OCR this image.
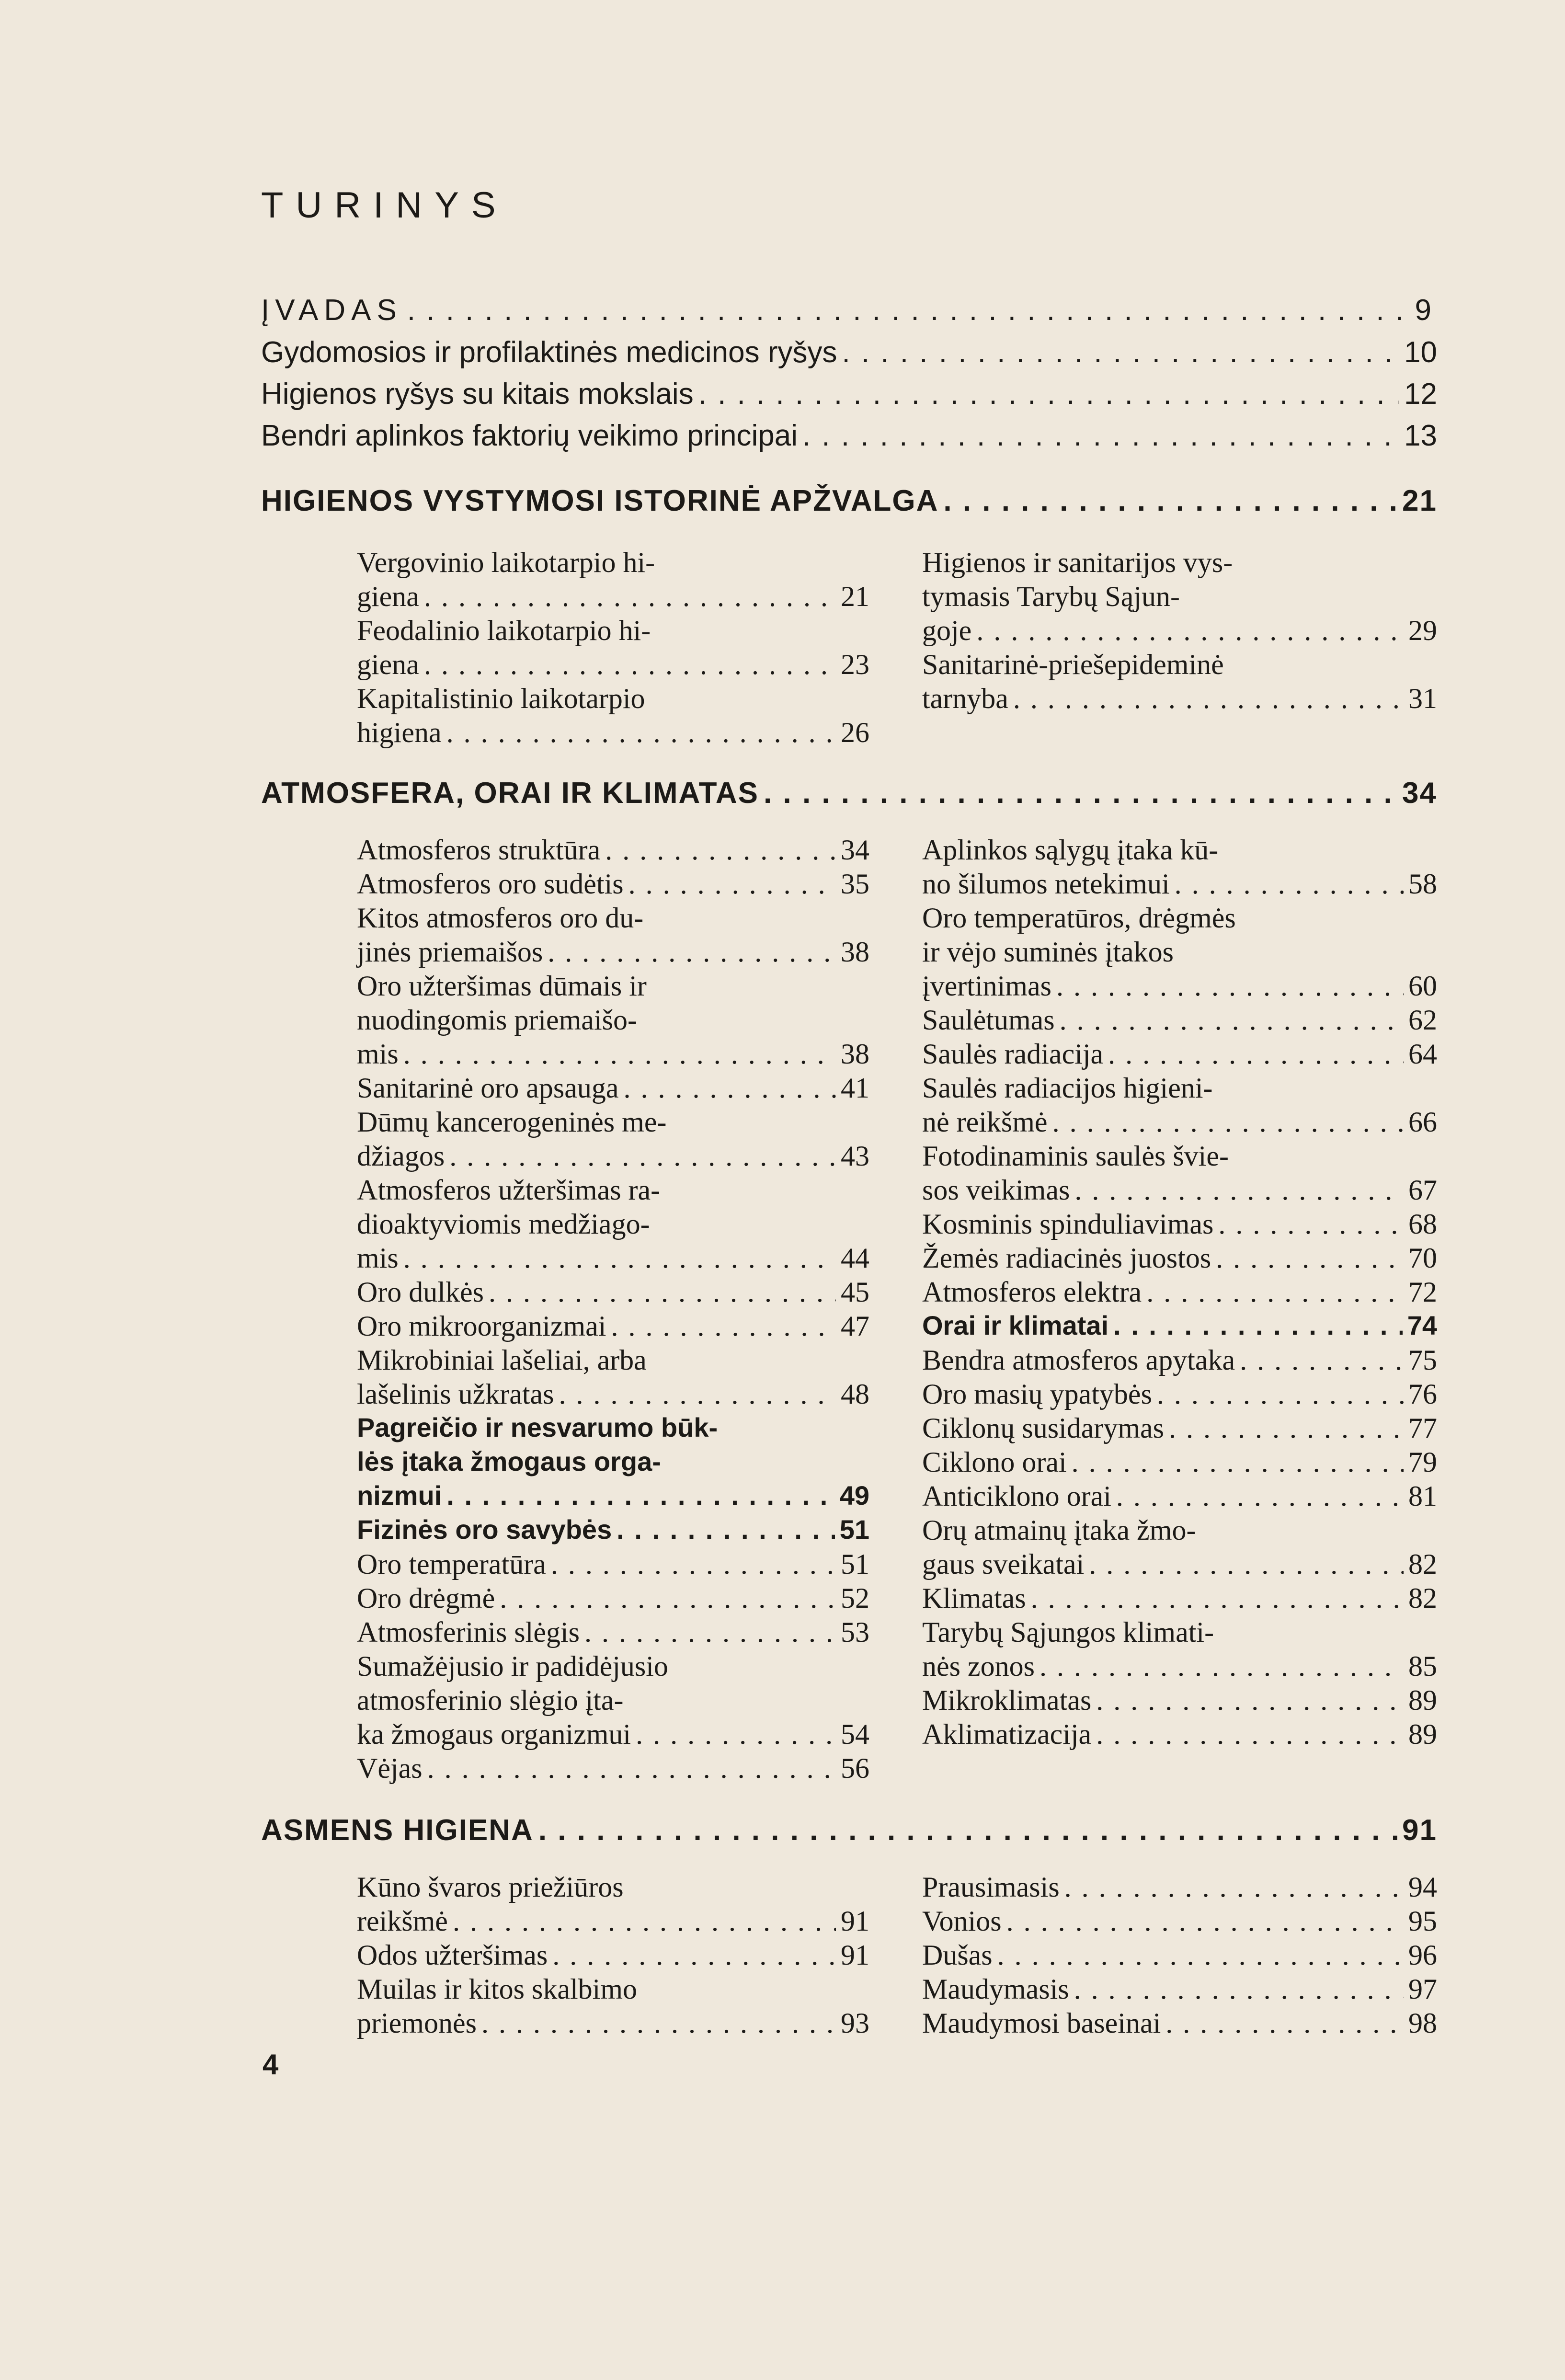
TURINYS
ĮVADAS . . .	9
Gydomosios ir profilaktinės medicinos ryšys . . .	10
Higienos ryšys su kitais mokslais . . .	12
Bendri aplinkos faktorių veikimo principai . . .	13
HIGIENOS VYSTYMOSI ISTORINĖ APŽVALGA . . .	21
Vergovinio laikotarpio hi-
giena . . .	21
Feodalinio laikotarpio hi-
giena . . .	23
Kapitalistinio laikotarpio
higiena . . .	26
Higienos ir sanitarijos vys-
tymasis Tarybų Sąjun-
goje . . .	29
Sanitarinė-priešepideminė
tarnyba . . .	31
ATMOSFERA, ORAI IR KLIMATAS . . .	34
Atmosferos struktūra . . .	34
Atmosferos oro sudėtis . . .	35
Kitos atmosferos oro du-
jinės priemaišos . . .	38
Oro užteršimas dūmais ir
nuodingomis priemaišo-
mis . . .	38
Sanitarinė oro apsauga . . .	41
Dūmų kancerogeninės me-
džiagos . . .	43
Atmosferos užteršimas ra-
dioaktyviomis medžiago-
mis . . .	44
Oro dulkės . . .	45
Oro mikroorganizmai . . .	47
Mikrobiniai lašeliai, arba
lašelinis užkratas . . .	48
Pagreičio ir nesvarumo būk-
lės įtaka žmogaus orga-
nizmui . . .	49
Fizinės oro savybės . . .	51
Oro temperatūra . . .	51
Oro drėgmė . . .	52
Atmosferinis slėgis . . .	53
Sumažėjusio ir padidėjusio
atmosferinio slėgio įta-
ka žmogaus organizmui . . .	54
Vėjas . . .	56
Aplinkos sąlygų įtaka kū-
no šilumos netekimui . . .	58
Oro temperatūros, drėgmės
ir vėjo suminės įtakos
įvertinimas . . .	60
Saulėtumas . . .	62
Saulės radiacija . . .	64
Saulės radiacijos higieni-
nė reikšmė . . .	66
Fotodinaminis saulės švie-
sos veikimas . . .	67
Kosminis spinduliavimas . . .	68
Žemės radiacinės juostos . . .	70
Atmosferos elektra . . .	72
Orai ir klimatai . . .	74
Bendra atmosferos apytaka . . .	75
Oro masių ypatybės . . .	76
Ciklonų susidarymas . . .	77
Ciklono orai . . .	79
Anticiklono orai . . .	81
Orų atmainų įtaka žmo-
gaus sveikatai . . .	82
Klimatas . . .	82
Tarybų Sąjungos klimati-
nės zonos . . .	85
Mikroklimatas . . .	89
Aklimatizacija . . .	89
ASMENS HIGIENA . . .	91
Kūno švaros priežiūros
reikšmė . . .	91
Odos užteršimas . . .	91
Muilas ir kitos skalbimo
priemonės . . .	93
Prausimasis . . .	94
Vonios . . .	95
Dušas . . .	96
Maudymasis . . .	97
Maudymosi baseinai . . .	98
4
